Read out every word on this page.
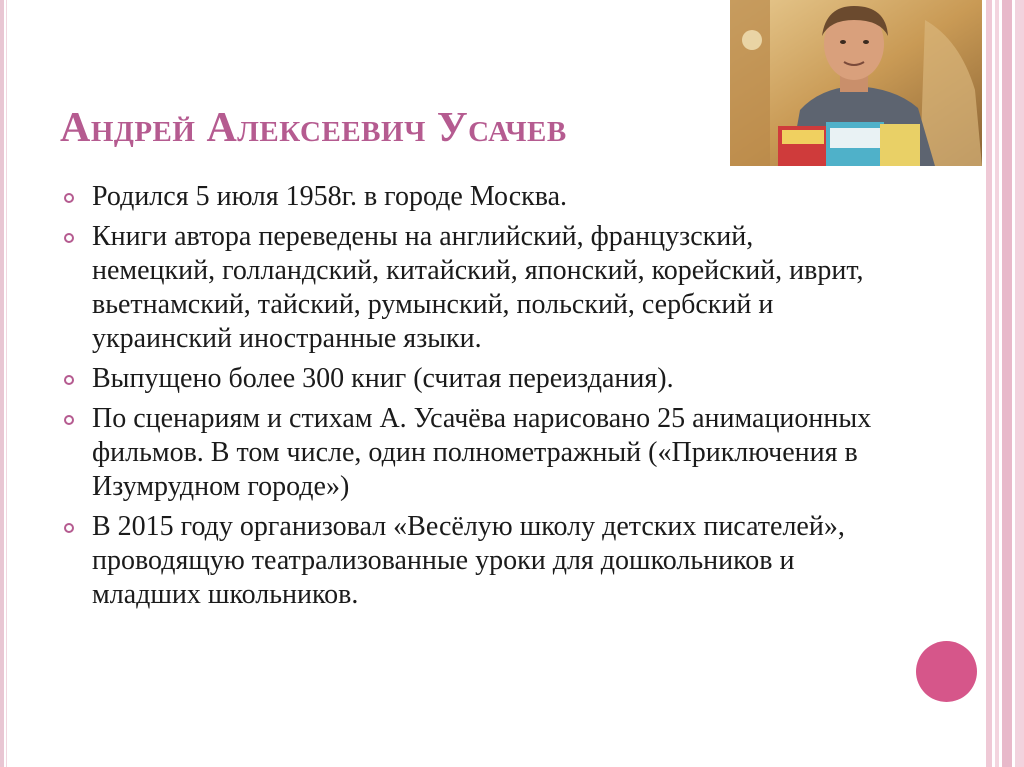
Андрей Алексеевич Усачев
Родился 5 июля 1958г. в городе Москва.
Книги автора переведены на английский, французский, немецкий, голландский, китайский, японский, корейский, иврит, вьетнамский, тайский, румынский, польский, сербский и украинский иностранные языки.
Выпущено более 300 книг (считая переиздания).
По сценариям и стихам А. Усачёва нарисовано 25 анимационных фильмов. В том числе, один полнометражный («Приключения в Изумрудном городе»)
В 2015 году организовал «Весёлую школу детских писателей», проводящую театрализованные уроки для дошкольников и младших школьников.
